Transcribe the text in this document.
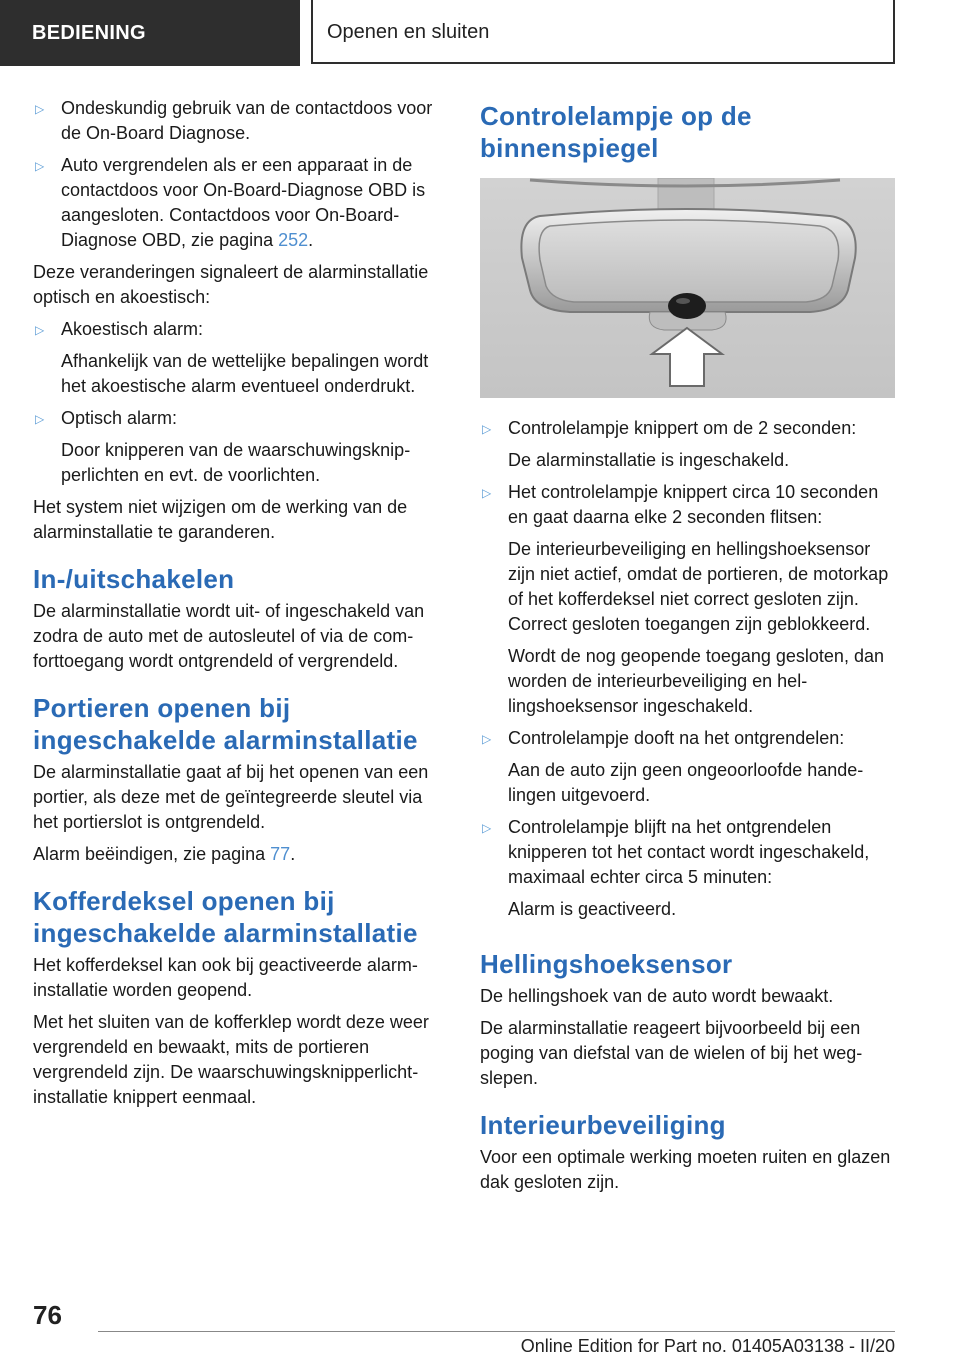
BEDIENING	Openen en sluiten
▷ Ondeskundig gebruik van de contactdoos voor de On-Board Diagnose.
▷ Auto vergrendelen als er een apparaat in de contactdoos voor On-Board-Diagnose OBD is aangesloten. Contactdoos voor On-Board-Diagnose OBD, zie pagina 252.

Deze veranderingen signaleert de alarminstallatie optisch en akoestisch:

▷ Akoestisch alarm:
Afhankelijk van de wettelijke bepalingen wordt het akoestische alarm eventueel onderdrukt.
▷ Optisch alarm:
Door knipperen van de waarschuwingsknipperlichten en evt. de voorlichten.

Het system niet wijzigen om de werking van de alarminstallatie te garanderen.

In-/uitschakelen

De alarminstallatie wordt uit- of ingeschakeld van zodra de auto met de autosleutel of via de comforttoegang wordt ontgrendeld of vergrendeld.

Portieren openen bij ingeschakelde alarminstallatie

De alarminstallatie gaat af bij het openen van een portier, als deze met de geïntegreerde sleutel via het portierslot is ontgrendeld.

Alarm beëindigen, zie pagina 77.

Kofferdeksel openen bij ingeschakelde alarminstallatie

Het kofferdeksel kan ook bij geactiveerde alarminstallatie worden geopend.

Met het sluiten van de kofferklep wordt deze weer vergrendeld en bewaakt, mits de portieren vergrendeld zijn. De waarschuwingsknipperlichtinstallatie knippert eenmaal.

Controlelampje op de binnenspiegel
▷ Controlelampje knippert om de 2 seconden:
De alarminstallatie is ingeschakeld.
▷ Het controlelampje knippert circa 10 seconden en gaat daarna elke 2 seconden flitsen:
De interieurbeveiliging en hellingshoeksensor zijn niet actief, omdat de portieren, de motorkap of het kofferdeksel niet correct gesloten zijn. Correct gesloten toegangen zijn geblokkeerd.
Wordt de nog geopende toegang gesloten, dan worden de interieurbeveiliging en hellingshoeksensor ingeschakeld.
▷ Controlelampje dooft na het ontgrendelen:
Aan de auto zijn geen ongeoorloofde handelingen uitgevoerd.
▷ Controlelampje blijft na het ontgrendelen knipperen tot het contact wordt ingeschakeld, maximaal echter circa 5 minuten:
Alarm is geactiveerd.
Hellingshoeksensor

De hellingshoek van de auto wordt bewaakt.

De alarminstallatie reageert bijvoorbeeld bij een poging van diefstal van de wielen of bij het wegslepen.

Interieurbeveiliging

Voor een optimale werking moeten ruiten en glazen dak gesloten zijn.

76
Online Edition for Part no. 01405A03138 - II/20
